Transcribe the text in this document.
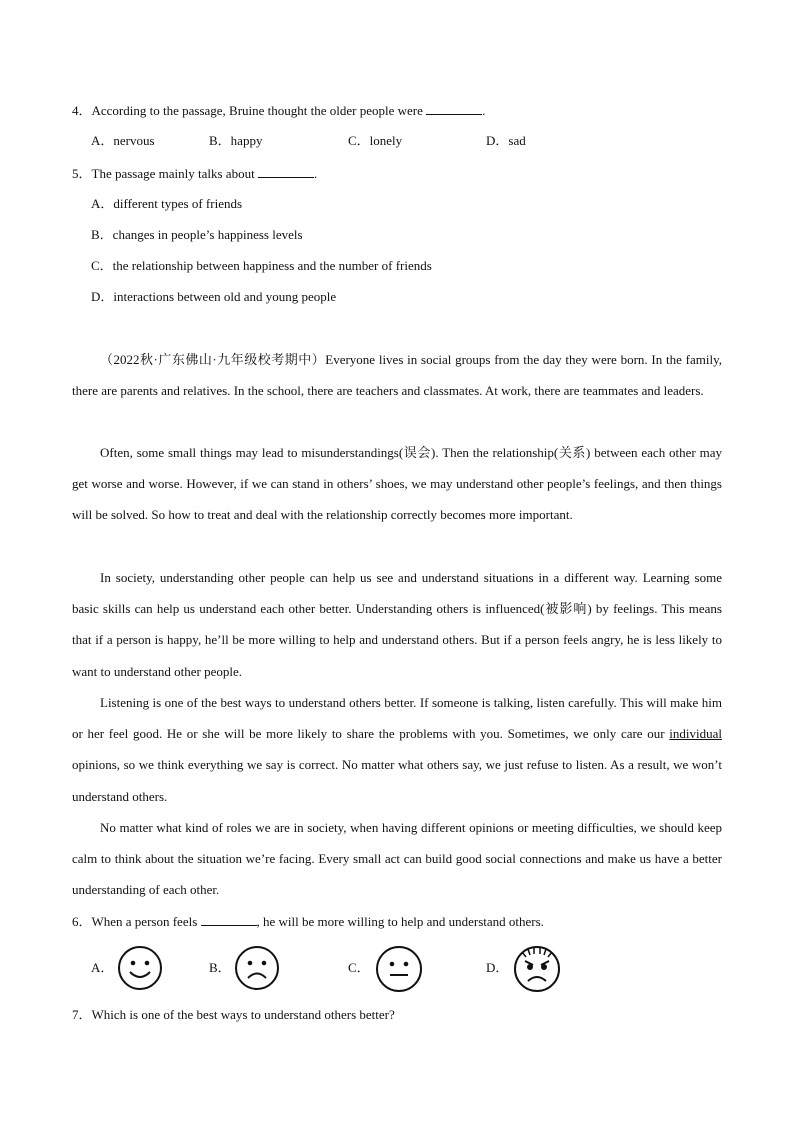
4．According to the passage, Bruine thought the older people were	.
A．nervous	B．happy	C．lonely	D．sad
5．The passage mainly talks about	.
A．different types of friends
B．changes in people’s happiness levels
C．the relationship between happiness and the number of friends
D．interactions between old and young people
（2022秋·广东佛山·九年级校考期中）Everyone lives in social groups from the day they were born. In the family, there are parents and relatives. In the school, there are teachers and classmates. At work, there are teammates and leaders.
Often, some small things may lead to misunderstandings(误会). Then the relationship(关系) between each other may get worse and worse. However, if we can stand in others’ shoes, we may understand other people’s feelings, and then things will be solved. So how to treat and deal with the relationship correctly becomes more important.
In society, understanding other people can help us see and understand situations in a different way. Learning some basic skills can help us understand each other better. Understanding others is influenced(被影响) by feelings. This means that if a person is happy, he’ll be more willing to help and understand others. But if a person feels angry, he is less likely to want to understand other people.
Listening is one of the best ways to understand others better. If someone is talking, listen carefully. This will make him or her feel good. He or she will be more likely to share the problems with you. Sometimes, we only care our individual opinions, so we think everything we say is correct. No matter what others say, we just refuse to listen. As a result, we won’t understand others.
No matter what kind of roles we are in society, when having different opinions or meeting difficulties, we should keep calm to think about the situation we’re facing. Every small act can build good social connections and make us have a better understanding of each other.
6．When a person feels	, he will be more willing to help and understand others.
A．	B．	C．	D．
7．Which is one of the best ways to understand others better?
